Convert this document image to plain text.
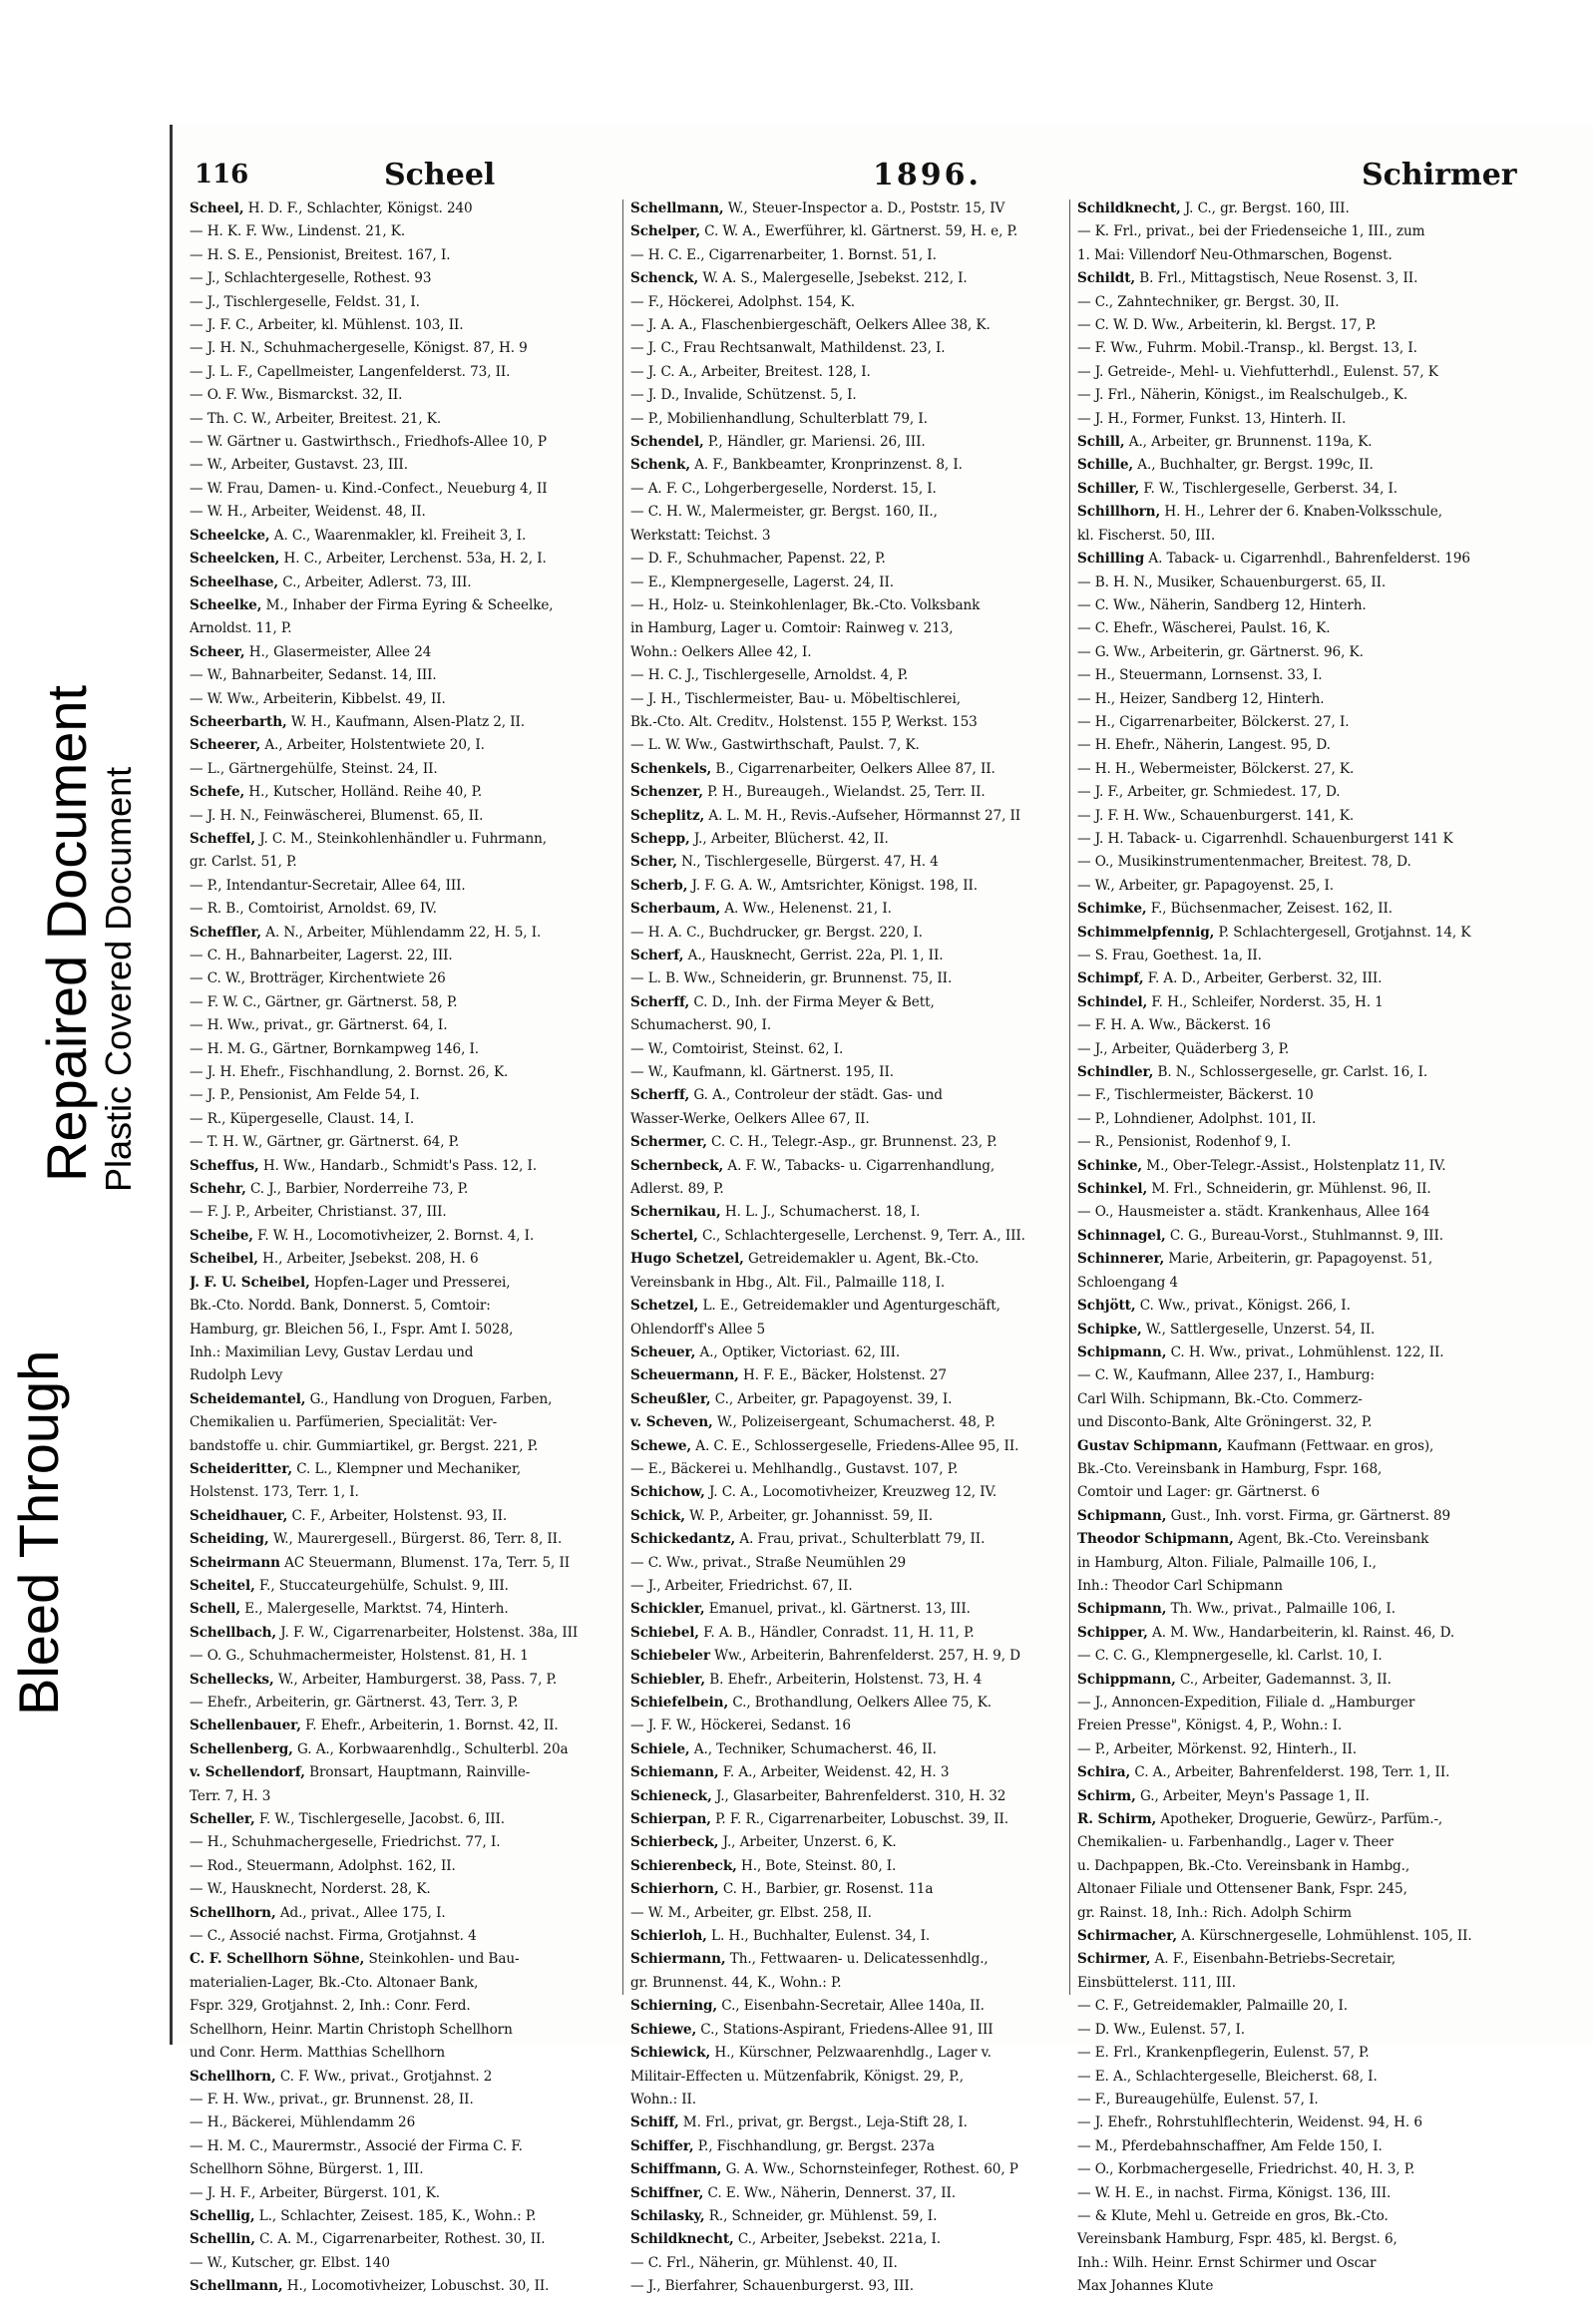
Bleed Through
Repaired Document Plastic Covered Document
116	Scheel	1896.	Schirmer
Scheel, H. D. F., Schlachter, Königst. 240
— H. K. F. Ww., Lindenst. 21, K.
— H. S. E., Pensionist, Breitest. 167, I.
— J., Schlachtergeselle, Rothest. 93
— J., Tischlergeselle, Feldst. 31, I.
— J. F. C., Arbeiter, kl. Mühlenst. 103, II.
— J. H. N., Schuhmachergeselle, Königst. 87, H. 9
— J. L. F., Capellmeister, Langenfelderst. 73, II.
— O. F. Ww., Bismarckst. 32, II.
— Th. C. W., Arbeiter, Breitest. 21, K.
— W. Gärtner u. Gastwirthsch., Friedhofs-Allee 10, P
— W., Arbeiter, Gustavst. 23, III.
— W. Frau, Damen- u. Kind.-Confect., Neueburg 4, II
— W. H., Arbeiter, Weidenst. 48, II.
Scheelcke, A. C., Waarenmakler, kl. Freiheit 3, I.
Scheelcken, H. C., Arbeiter, Lerchenst. 53a, H. 2, I.
Scheelhase, C., Arbeiter, Adlerst. 73, III.
Scheelke, M., Inhaber der Firma Eyring & Scheelke,
Arnoldst. 11, P.
Scheer, H., Glasermeister, Allee 24
— W., Bahnarbeiter, Sedanst. 14, III.
— W. Ww., Arbeiterin, Kibbelst. 49, II.
Scheerbarth, W. H., Kaufmann, Alsen-Platz 2, II.
Scheerer, A., Arbeiter, Holstentwiete 20, I.
— L., Gärtnergehülfe, Steinst. 24, II.
Schefe, H., Kutscher, Holländ. Reihe 40, P.
— J. H. N., Feinwäscherei, Blumenst. 65, II.
Scheffel, J. C. M., Steinkohlenhändler u. Fuhrmann,
gr. Carlst. 51, P.
— P., Intendantur-Secretair, Allee 64, III.
— R. B., Comtoirist, Arnoldst. 69, IV.
Scheffler, A. N., Arbeiter, Mühlendamm 22, H. 5, I.
— C. H., Bahnarbeiter, Lagerst. 22, III.
— C. W., Brotträger, Kirchentwiete 26
— F. W. C., Gärtner, gr. Gärtnerst. 58, P.
— H. Ww., privat., gr. Gärtnerst. 64, I.
— H. M. G., Gärtner, Bornkampweg 146, I.
— J. H. Ehefr., Fischhandlung, 2. Bornst. 26, K.
— J. P., Pensionist, Am Felde 54, I.
— R., Küpergeselle, Claust. 14, I.
— T. H. W., Gärtner, gr. Gärtnerst. 64, P.
Scheffus, H. Ww., Handarb., Schmidt's Pass. 12, I.
Schehr, C. J., Barbier, Norderreihe 73, P.
— F. J. P., Arbeiter, Christianst. 37, III.
Scheibe, F. W. H., Locomotivheizer, 2. Bornst. 4, I.
Scheibel, H., Arbeiter, Jsebekst. 208, H. 6
J. F. U. Scheibel, Hopfen-Lager und Presserei,
Bk.-Cto. Nordd. Bank, Donnerst. 5, Comtoir:
Hamburg, gr. Bleichen 56, I., Fspr. Amt I. 5028,
Inh.: Maximilian Levy, Gustav Lerdau und
Rudolph Levy
Scheidemantel, G., Handlung von Droguen, Farben,
Chemikalien u. Parfümerien, Specialität: Ver-
bandstoffe u. chir. Gummiartikel, gr. Bergst. 221, P.
Scheideritter, C. L., Klempner und Mechaniker,
Holstenst. 173, Terr. 1, I.
Scheidhauer, C. F., Arbeiter, Holstenst. 93, II.
Scheiding, W., Maurergesell., Bürgerst. 86, Terr. 8, II.
Scheirmann AC Steuermann, Blumenst. 17a, Terr. 5, II
Scheitel, F., Stuccateurgehülfe, Schulst. 9, III.
Schell, E., Malergeselle, Marktst. 74, Hinterh.
Schellbach, J. F. W., Cigarrenarbeiter, Holstenst. 38a, III
— O. G., Schuhmachermeister, Holstenst. 81, H. 1
Schellecks, W., Arbeiter, Hamburgerst. 38, Pass. 7, P.
— Ehefr., Arbeiterin, gr. Gärtnerst. 43, Terr. 3, P.
Schellenbauer, F. Ehefr., Arbeiterin, 1. Bornst. 42, II.
Schellenberg, G. A., Korbwaarenhdlg., Schulterbl. 20a
v. Schellendorf, Bronsart, Hauptmann, Rainville-
Terr. 7, H. 3
Scheller, F. W., Tischlergeselle, Jacobst. 6, III.
— H., Schuhmachergeselle, Friedrichst. 77, I.
— Rod., Steuermann, Adolphst. 162, II.
— W., Hausknecht, Norderst. 28, K.
Schellhorn, Ad., privat., Allee 175, I.
— C., Associé nachst. Firma, Grotjahnst. 4
C. F. Schellhorn Söhne, Steinkohlen- und Bau-
materialien-Lager, Bk.-Cto. Altonaer Bank,
Fspr. 329, Grotjahnst. 2, Inh.: Conr. Ferd.
Schellhorn, Heinr. Martin Christoph Schellhorn
und Conr. Herm. Matthias Schellhorn
Schellhorn, C. F. Ww., privat., Grotjahnst. 2
— F. H. Ww., privat., gr. Brunnenst. 28, II.
— H., Bäckerei, Mühlendamm 26
— H. M. C., Maurermstr., Associé der Firma C. F.
Schellhorn Söhne, Bürgerst. 1, III.
— J. H. F., Arbeiter, Bürgerst. 101, K.
Schellig, L., Schlachter, Zeisest. 185, K., Wohn.: P.
Schellin, C. A. M., Cigarrenarbeiter, Rothest. 30, II.
— W., Kutscher, gr. Elbst. 140
Schellmann, H., Locomotivheizer, Lobuschst. 30, II.
Schellmann, W., Steuer-Inspector a. D., Poststr. 15, IV
Schelper, C. W. A., Ewerführer, kl. Gärtnerst. 59, H. e, P.
— H. C. E., Cigarrenarbeiter, 1. Bornst. 51, I.
Schenck, W. A. S., Malergeselle, Jsebekst. 212, I.
— F., Höckerei, Adolphst. 154, K.
— J. A. A., Flaschenbiergeschäft, Oelkers Allee 38, K.
— J. C., Frau Rechtsanwalt, Mathildenst. 23, I.
— J. C. A., Arbeiter, Breitest. 128, I.
— J. D., Invalide, Schützenst. 5, I.
— P., Mobilienhandlung, Schulterblatt 79, I.
Schendel, P., Händler, gr. Mariensi. 26, III.
Schenk, A. F., Bankbeamter, Kronprinzenst. 8, I.
— A. F. C., Lohgerbergeselle, Norderst. 15, I.
— C. H. W., Malermeister, gr. Bergst. 160, II.,
Werkstatt: Teichst. 3
— D. F., Schuhmacher, Papenst. 22, P.
— E., Klempnergeselle, Lagerst. 24, II.
— H., Holz- u. Steinkohlenlager, Bk.-Cto. Volksbank
in Hamburg, Lager u. Comtoir: Rainweg v. 213,
Wohn.: Oelkers Allee 42, I.
— H. C. J., Tischlergeselle, Arnoldst. 4, P.
— J. H., Tischlermeister, Bau- u. Möbeltischlerei,
Bk.-Cto. Alt. Creditv., Holstenst. 155 P, Werkst. 153
— L. W. Ww., Gastwirthschaft, Paulst. 7, K.
Schenkels, B., Cigarrenarbeiter, Oelkers Allee 87, II.
Schenzer, P. H., Bureaugeh., Wielandst. 25, Terr. II.
Scheplitz, A. L. M. H., Revis.-Aufseher, Hörmannst 27, II
Schepp, J., Arbeiter, Blücherst. 42, II.
Scher, N., Tischlergeselle, Bürgerst. 47, H. 4
Scherb, J. F. G. A. W., Amtsrichter, Königst. 198, II.
Scherbaum, A. Ww., Helenenst. 21, I.
— H. A. C., Buchdrucker, gr. Bergst. 220, I.
Scherf, A., Hausknecht, Gerrist. 22a, Pl. 1, II.
— L. B. Ww., Schneiderin, gr. Brunnenst. 75, II.
Scherff, C. D., Inh. der Firma Meyer & Bett,
Schumacherst. 90, I.
— W., Comtoirist, Steinst. 62, I.
— W., Kaufmann, kl. Gärtnerst. 195, II.
Scherff, G. A., Controleur der städt. Gas- und
Wasser-Werke, Oelkers Allee 67, II.
Schermer, C. C. H., Telegr.-Asp., gr. Brunnenst. 23, P.
Schernbeck, A. F. W., Tabacks- u. Cigarrenhandlung,
Adlerst. 89, P.
Schernikau, H. L. J., Schumacherst. 18, I.
Schertel, C., Schlachtergeselle, Lerchenst. 9, Terr. A., III.
Hugo Schetzel, Getreidemakler u. Agent, Bk.-Cto.
Vereinsbank in Hbg., Alt. Fil., Palmaille 118, I.
Schetzel, L. E., Getreidemakler und Agenturgeschäft,
Ohlendorff's Allee 5
Scheuer, A., Optiker, Victoriast. 62, III.
Scheuermann, H. F. E., Bäcker, Holstenst. 27
Scheußler, C., Arbeiter, gr. Papagoyenst. 39, I.
v. Scheven, W., Polizeisergeant, Schumacherst. 48, P.
Schewe, A. C. E., Schlossergeselle, Friedens-Allee 95, II.
— E., Bäckerei u. Mehlhandlg., Gustavst. 107, P.
Schichow, J. C. A., Locomotivheizer, Kreuzweg 12, IV.
Schick, W. P., Arbeiter, gr. Johannisst. 59, II.
Schickedantz, A. Frau, privat., Schulterblatt 79, II.
— C. Ww., privat., Straße Neumühlen 29
— J., Arbeiter, Friedrichst. 67, II.
Schickler, Emanuel, privat., kl. Gärtnerst. 13, III.
Schiebel, F. A. B., Händler, Conradst. 11, H. 11, P.
Schiebeler Ww., Arbeiterin, Bahrenfelderst. 257, H. 9, D
Schiebler, B. Ehefr., Arbeiterin, Holstenst. 73, H. 4
Schiefelbein, C., Brothandlung, Oelkers Allee 75, K.
— J. F. W., Höckerei, Sedanst. 16
Schiele, A., Techniker, Schumacherst. 46, II.
Schiemann, F. A., Arbeiter, Weidenst. 42, H. 3
Schieneck, J., Glasarbeiter, Bahrenfelderst. 310, H. 32
Schierpan, P. F. R., Cigarrenarbeiter, Lobuschst. 39, II.
Schierbeck, J., Arbeiter, Unzerst. 6, K.
Schierenbeck, H., Bote, Steinst. 80, I.
Schierhorn, C. H., Barbier, gr. Rosenst. 11a
— W. M., Arbeiter, gr. Elbst. 258, II.
Schierloh, L. H., Buchhalter, Eulenst. 34, I.
Schiermann, Th., Fettwaaren- u. Delicatessenhdlg.,
gr. Brunnenst. 44, K., Wohn.: P.
Schierning, C., Eisenbahn-Secretair, Allee 140a, II.
Schiewe, C., Stations-Aspirant, Friedens-Allee 91, III
Schiewick, H., Kürschner, Pelzwaarenhdlg., Lager v.
Militair-Effecten u. Mützenfabrik, Königst. 29, P.,
Wohn.: II.
Schiff, M. Frl., privat, gr. Bergst., Leja-Stift 28, I.
Schiffer, P., Fischhandlung, gr. Bergst. 237a
Schiffmann, G. A. Ww., Schornsteinfeger, Rothest. 60, P
Schiffner, C. E. Ww., Näherin, Dennerst. 37, II.
Schilasky, R., Schneider, gr. Mühlenst. 59, I.
Schildknecht, C., Arbeiter, Jsebekst. 221a, I.
— C. Frl., Näherin, gr. Mühlenst. 40, II.
— J., Bierfahrer, Schauenburgerst. 93, III.
Schildknecht, J. C., gr. Bergst. 160, III.
— K. Frl., privat., bei der Friedenseiche 1, III., zum
1. Mai: Villendorf Neu-Othmarschen, Bogenst.
Schildt, B. Frl., Mittagstisch, Neue Rosenst. 3, II.
— C., Zahntechniker, gr. Bergst. 30, II.
— C. W. D. Ww., Arbeiterin, kl. Bergst. 17, P.
— F. Ww., Fuhrm. Mobil.-Transp., kl. Bergst. 13, I.
— J. Getreide-, Mehl- u. Viehfutterhdl., Eulenst. 57, K
— J. Frl., Näherin, Königst., im Realschulgeb., K.
— J. H., Former, Funkst. 13, Hinterh. II.
Schill, A., Arbeiter, gr. Brunnenst. 119a, K.
Schille, A., Buchhalter, gr. Bergst. 199c, II.
Schiller, F. W., Tischlergeselle, Gerberst. 34, I.
Schillhorn, H. H., Lehrer der 6. Knaben-Volksschule,
kl. Fischerst. 50, III.
Schilling A. Taback- u. Cigarrenhdl., Bahrenfelderst. 196
— B. H. N., Musiker, Schauenburgerst. 65, II.
— C. Ww., Näherin, Sandberg 12, Hinterh.
— C. Ehefr., Wäscherei, Paulst. 16, K.
— G. Ww., Arbeiterin, gr. Gärtnerst. 96, K.
— H., Steuermann, Lornsenst. 33, I.
— H., Heizer, Sandberg 12, Hinterh.
— H., Cigarrenarbeiter, Bölckerst. 27, I.
— H. Ehefr., Näherin, Langest. 95, D.
— H. H., Webermeister, Bölckerst. 27, K.
— J. F., Arbeiter, gr. Schmiedest. 17, D.
— J. F. H. Ww., Schauenburgerst. 141, K.
— J. H. Taback- u. Cigarrenhdl. Schauenburgerst 141 K
— O., Musikinstrumentenmacher, Breitest. 78, D.
— W., Arbeiter, gr. Papagoyenst. 25, I.
Schimke, F., Büchsenmacher, Zeisest. 162, II.
Schimmelpfennig, P. Schlachtergesell, Grotjahnst. 14, K
— S. Frau, Goethest. 1a, II.
Schimpf, F. A. D., Arbeiter, Gerberst. 32, III.
Schindel, F. H., Schleifer, Norderst. 35, H. 1
— F. H. A. Ww., Bäckerst. 16
— J., Arbeiter, Quäderberg 3, P.
Schindler, B. N., Schlossergeselle, gr. Carlst. 16, I.
— F., Tischlermeister, Bäckerst. 10
— P., Lohndiener, Adolphst. 101, II.
— R., Pensionist, Rodenhof 9, I.
Schinke, M., Ober-Telegr.-Assist., Holstenplatz 11, IV.
Schinkel, M. Frl., Schneiderin, gr. Mühlenst. 96, II.
— O., Hausmeister a. städt. Krankenhaus, Allee 164
Schinnagel, C. G., Bureau-Vorst., Stuhlmannst. 9, III.
Schinnerer, Marie, Arbeiterin, gr. Papagoyenst. 51,
Schloengang 4
Schjött, C. Ww., privat., Königst. 266, I.
Schipke, W., Sattlergeselle, Unzerst. 54, II.
Schipmann, C. H. Ww., privat., Lohmühlenst. 122, II.
— C. W., Kaufmann, Allee 237, I., Hamburg:
Carl Wilh. Schipmann, Bk.-Cto. Commerz-
und Disconto-Bank, Alte Gröningerst. 32, P.
Gustav Schipmann, Kaufmann (Fettwaar. en gros),
Bk.-Cto. Vereinsbank in Hamburg, Fspr. 168,
Comtoir und Lager: gr. Gärtnerst. 6
Schipmann, Gust., Inh. vorst. Firma, gr. Gärtnerst. 89
Theodor Schipmann, Agent, Bk.-Cto. Vereinsbank
in Hamburg, Alton. Filiale, Palmaille 106, I.,
Inh.: Theodor Carl Schipmann
Schipmann, Th. Ww., privat., Palmaille 106, I.
Schipper, A. M. Ww., Handarbeiterin, kl. Rainst. 46, D.
— C. C. G., Klempnergeselle, kl. Carlst. 10, I.
Schippmann, C., Arbeiter, Gademannst. 3, II.
— J., Annoncen-Expedition, Filiale d. „Hamburger
Freien Presse", Königst. 4, P., Wohn.: I.
— P., Arbeiter, Mörkenst. 92, Hinterh., II.
Schira, C. A., Arbeiter, Bahrenfelderst. 198, Terr. 1, II.
Schirm, G., Arbeiter, Meyn's Passage 1, II.
R. Schirm, Apotheker, Droguerie, Gewürz-, Parfüm.-,
Chemikalien- u. Farbenhandlg., Lager v. Theer
u. Dachpappen, Bk.-Cto. Vereinsbank in Hambg.,
Altonaer Filiale und Ottensener Bank, Fspr. 245,
gr. Rainst. 18, Inh.: Rich. Adolph Schirm
Schirmacher, A. Kürschnergeselle, Lohmühlenst. 105, II.
Schirmer, A. F., Eisenbahn-Betriebs-Secretair,
Einsbüttelerst. 111, III.
— C. F., Getreidemakler, Palmaille 20, I.
— D. Ww., Eulenst. 57, I.
— E. Frl., Krankenpflegerin, Eulenst. 57, P.
— E. A., Schlachtergeselle, Bleicherst. 68, I.
— F., Bureaugehülfe, Eulenst. 57, I.
— J. Ehefr., Rohrstuhlflechterin, Weidenst. 94, H. 6
— M., Pferdebahnschaffner, Am Felde 150, I.
— O., Korbmachergeselle, Friedrichst. 40, H. 3, P.
— W. H. E., in nachst. Firma, Königst. 136, III.
— & Klute, Mehl u. Getreide en gros, Bk.-Cto.
Vereinsbank Hamburg, Fspr. 485, kl. Bergst. 6,
Inh.: Wilh. Heinr. Ernst Schirmer und Oscar
Max Johannes Klute
